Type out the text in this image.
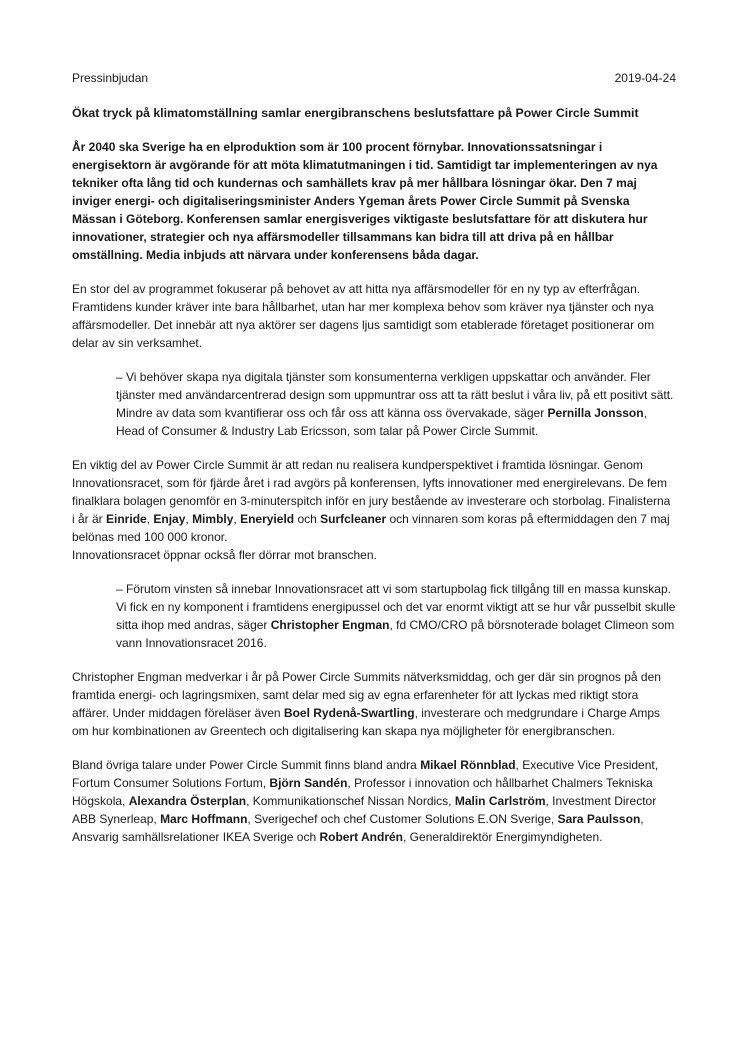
Pressinbjudan	2019-04-24
Ökat tryck på klimatomställning samlar energibranschens beslutsfattare på Power Circle Summit
År 2040 ska Sverige ha en elproduktion som är 100 procent förnybar. Innovationssatsningar i energisektorn är avgörande för att möta klimatutmaningen i tid. Samtidigt tar implementeringen av nya tekniker ofta lång tid och kundernas och samhällets krav på mer hållbara lösningar ökar. Den 7 maj inviger energi- och digitaliseringsminister Anders Ygeman årets Power Circle Summit på Svenska Mässan i Göteborg. Konferensen samlar energisveriges viktigaste beslutsfattare för att diskutera hur innovationer, strategier och nya affärsmodeller tillsammans kan bidra till att driva på en hållbar omställning. Media inbjuds att närvara under konferensens båda dagar.
En stor del av programmet fokuserar på behovet av att hitta nya affärsmodeller för en ny typ av efterfrågan. Framtidens kunder kräver inte bara hållbarhet, utan har mer komplexa behov som kräver nya tjänster och nya affärsmodeller. Det innebär att nya aktörer ser dagens ljus samtidigt som etablerade företaget positionerar om delar av sin verksamhet.
– Vi behöver skapa nya digitala tjänster som konsumenterna verkligen uppskattar och använder. Fler tjänster med användarcentrerad design som uppmuntrar oss att ta rätt beslut i våra liv, på ett positivt sätt. Mindre av data som kvantifierar oss och får oss att känna oss övervakade, säger Pernilla Jonsson, Head of Consumer & Industry Lab Ericsson, som talar på Power Circle Summit.
En viktig del av Power Circle Summit är att redan nu realisera kundperspektivet i framtida lösningar. Genom Innovationsracet, som för fjärde året i rad avgörs på konferensen, lyfts innovationer med energirelevans. De fem finalklara bolagen genomför en 3-minuterspitch inför en jury bestående av investerare och storbolag. Finalisterna i år är Einride, Enjay, Mimbly, Eneryield och Surfcleaner och vinnaren som koras på eftermiddagen den 7 maj belönas med 100 000 kronor.
Innovationsracet öppnar också fler dörrar mot branschen.
– Förutom vinsten så innebar Innovationsracet att vi som startupbolag fick tillgång till en massa kunskap. Vi fick en ny komponent i framtidens energipussel och det var enormt viktigt att se hur vår pusselbit skulle sitta ihop med andras, säger Christopher Engman, fd CMO/CRO på börsnoterade bolaget Climeon som vann Innovationsracet 2016.
Christopher Engman medverkar i år på Power Circle Summits nätverksmiddag, och ger där sin prognos på den framtida energi- och lagringsmixen, samt delar med sig av egna erfarenheter för att lyckas med riktigt stora affärer. Under middagen föreläser även Boel Rydenå-Swartling, investerare och medgrundare i Charge Amps om hur kombinationen av Greentech och digitalisering kan skapa nya möjligheter för energibranschen.
Bland övriga talare under Power Circle Summit finns bland andra Mikael Rönnblad, Executive Vice President, Fortum Consumer Solutions Fortum, Björn Sandén, Professor i innovation och hållbarhet Chalmers Tekniska Högskola, Alexandra Österplan, Kommunikationschef Nissan Nordics, Malin Carlström, Investment Director ABB Synerleap, Marc Hoffmann, Sverigechef och chef Customer Solutions E.ON Sverige, Sara Paulsson, Ansvarig samhällsrelationer IKEA Sverige och Robert Andrén, Generaldirektör Energimyndigheten.
